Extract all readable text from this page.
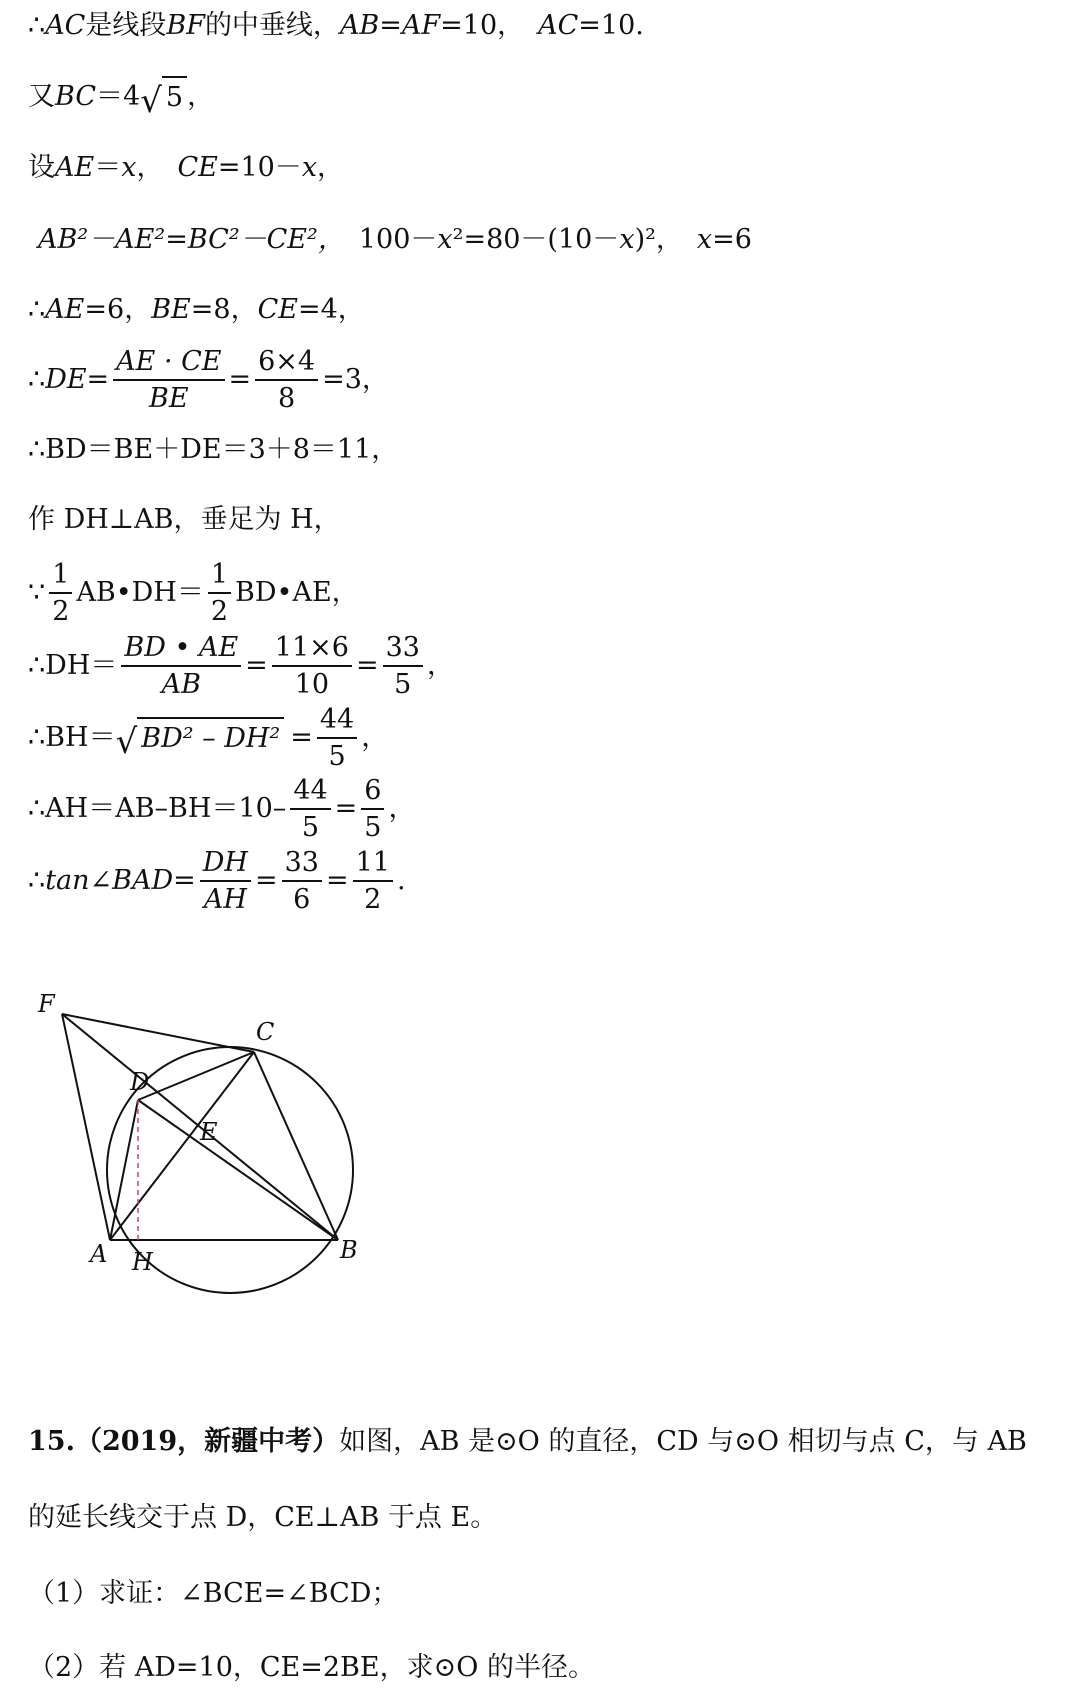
∴ AC 是线段 BF 的中垂线， AB = AF =10， AC =10.
又 BC ＝4 √ 5 ，
设 AE ＝ x ， CE =10－ x ，
AB²－AE²=BC²－CE²， 100－ x ²=80－(10－ x )²， x =6
∴ AE =6， BE =8， CE =4，
∴ DE = $\frac{AE \cdot CE}{BE} = \frac{6\times 4}{8} =3$，
∴BD＝BE＋DE＝3＋8＝11，
作 DH⊥AB，垂足为 H，
∵ $\frac{1}{2}$ AB•DH＝ $\frac{1}{2}$ BD•AE，
∴DH＝ $\frac{BD • AE}{AB} = \frac{11\times 6}{10} = \frac{33}{5}$ ，
∴BH＝ √ $BD^2 - DH^2 = \frac{44}{5}$ ，
∴AH＝AB–BH＝10– $\frac{44}{5} = \frac{6}{5}$ ，
∴ tan∠BAD = $\frac{DH}{AH} = \frac{33}{6} = \frac{11}{2}$ .
F
C
D
E
A H	B
15. （2019，新疆中考） 如图，AB 是⊙O 的直径，CD 与⊙O 相切与点 C，与 AB
的延长线交于点 D，CE⊥AB 于点 E。
（1）求证：∠BCE=∠BCD；
（2）若 AD=10，CE=2BE，求⊙O 的半径。
